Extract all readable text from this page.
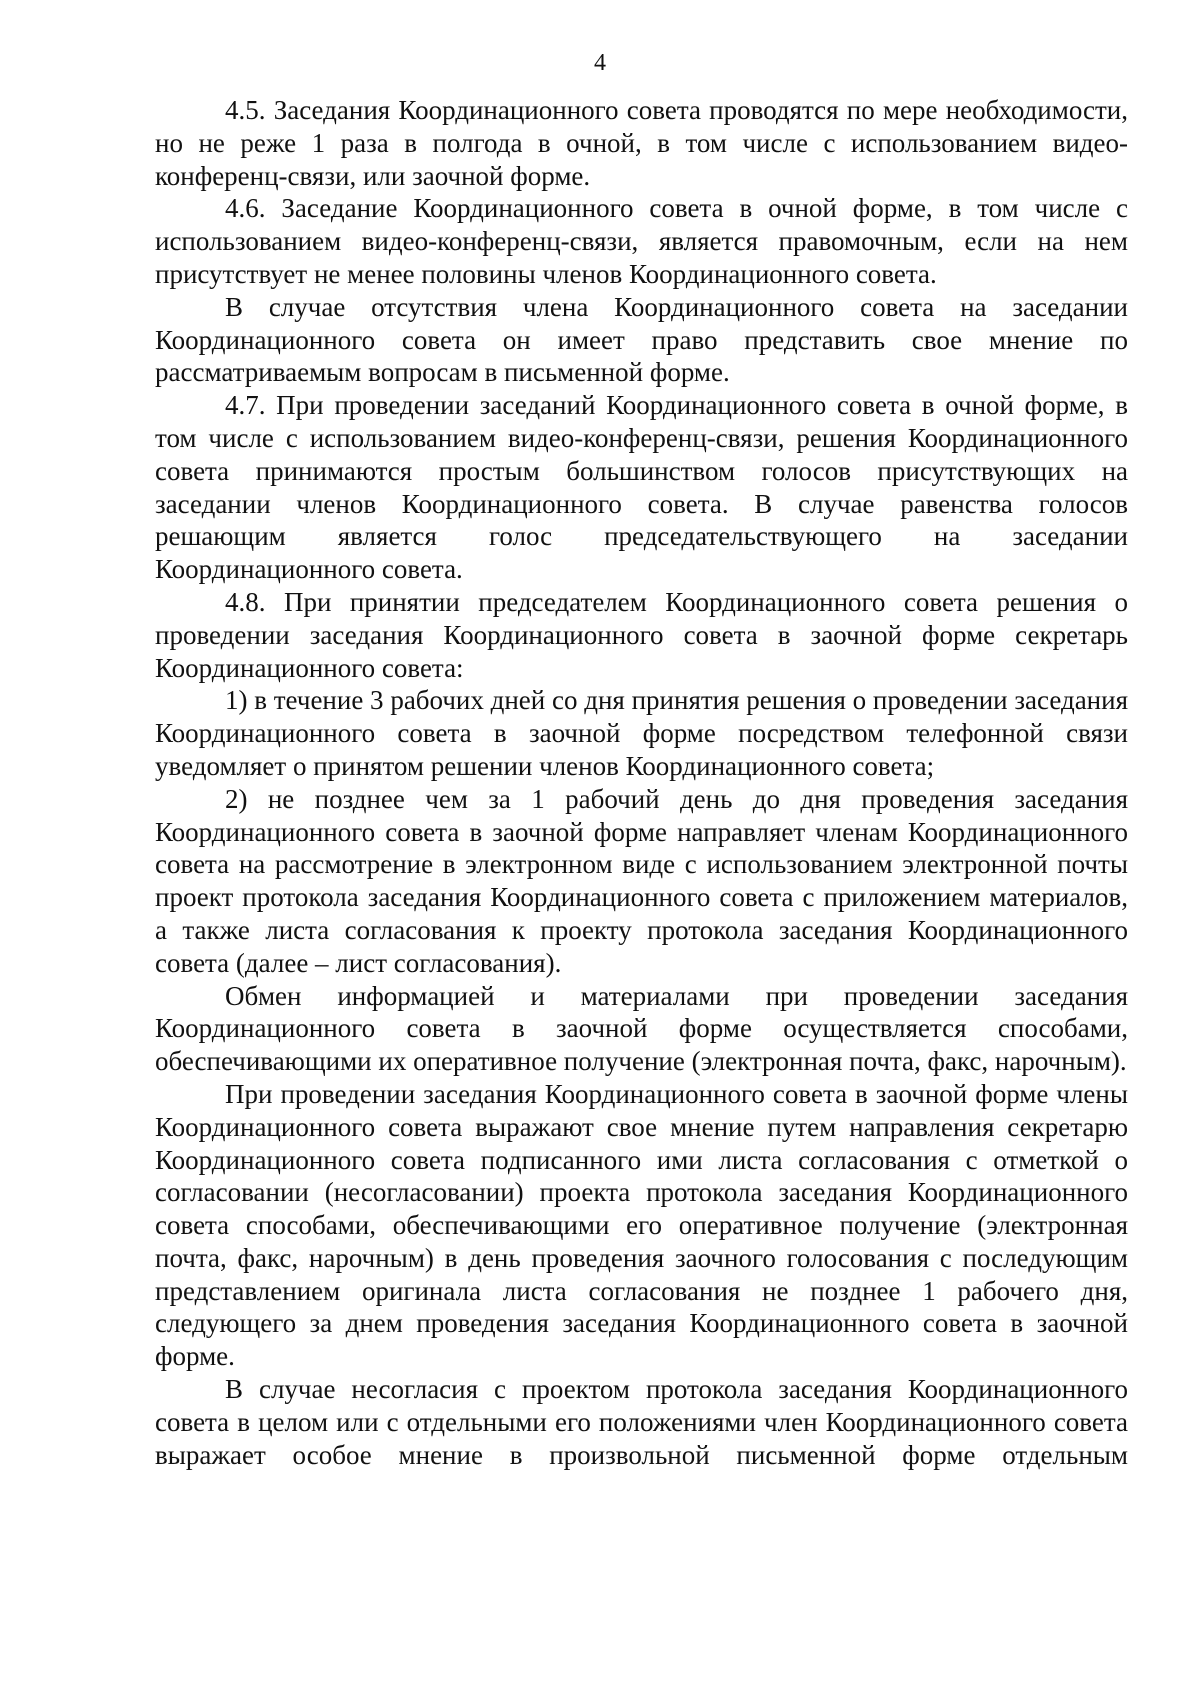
4

4.5. Заседания Координационного совета проводятся по мере необходимости, но не реже 1 раза в полгода в очной, в том числе с использованием видео-конференц-связи, или заочной форме.

4.6. Заседание Координационного совета в очной форме, в том числе с использованием видео-конференц-связи, является правомочным, если на нем присутствует не менее половины членов Координационного совета.

В случае отсутствия члена Координационного совета на заседании Координационного совета он имеет право представить свое мнение по рассматриваемым вопросам в письменной форме.

4.7. При проведении заседаний Координационного совета в очной форме, в том числе с использованием видео-конференц-связи, решения Координационного совета принимаются простым большинством голосов присутствующих на заседании членов Координационного совета. В случае равенства голосов решающим является голос председательствующего на заседании Координационного совета.

4.8. При принятии председателем Координационного совета решения о проведении заседания Координационного совета в заочной форме секретарь Координационного совета:

1) в течение 3 рабочих дней со дня принятия решения о проведении заседания Координационного совета в заочной форме посредством телефонной связи уведомляет о принятом решении членов Координационного совета;

2) не позднее чем за 1 рабочий день до дня проведения заседания Координационного совета в заочной форме направляет членам Координационного совета на рассмотрение в электронном виде с использованием электронной почты проект протокола заседания Координационного совета с приложением материалов, а также листа согласования к проекту протокола заседания Координационного совета (далее – лист согласования).

Обмен информацией и материалами при проведении заседания Координационного совета в заочной форме осуществляется способами, обеспечивающими их оперативное получение (электронная почта, факс, нарочным).

При проведении заседания Координационного совета в заочной форме члены Координационного совета выражают свое мнение путем направления секретарю Координационного совета подписанного ими листа согласования с отметкой о согласовании (несогласовании) проекта протокола заседания Координационного совета способами, обеспечивающими его оперативное получение (электронная почта, факс, нарочным) в день проведения заочного голосования с последующим представлением оригинала листа согласования не позднее 1 рабочего дня, следующего за днем проведения заседания Координационного совета в заочной форме.

В случае несогласия с проектом протокола заседания Координационного совета в целом или с отдельными его положениями член Координационного совета выражает особое мнение в произвольной письменной форме отдельным
